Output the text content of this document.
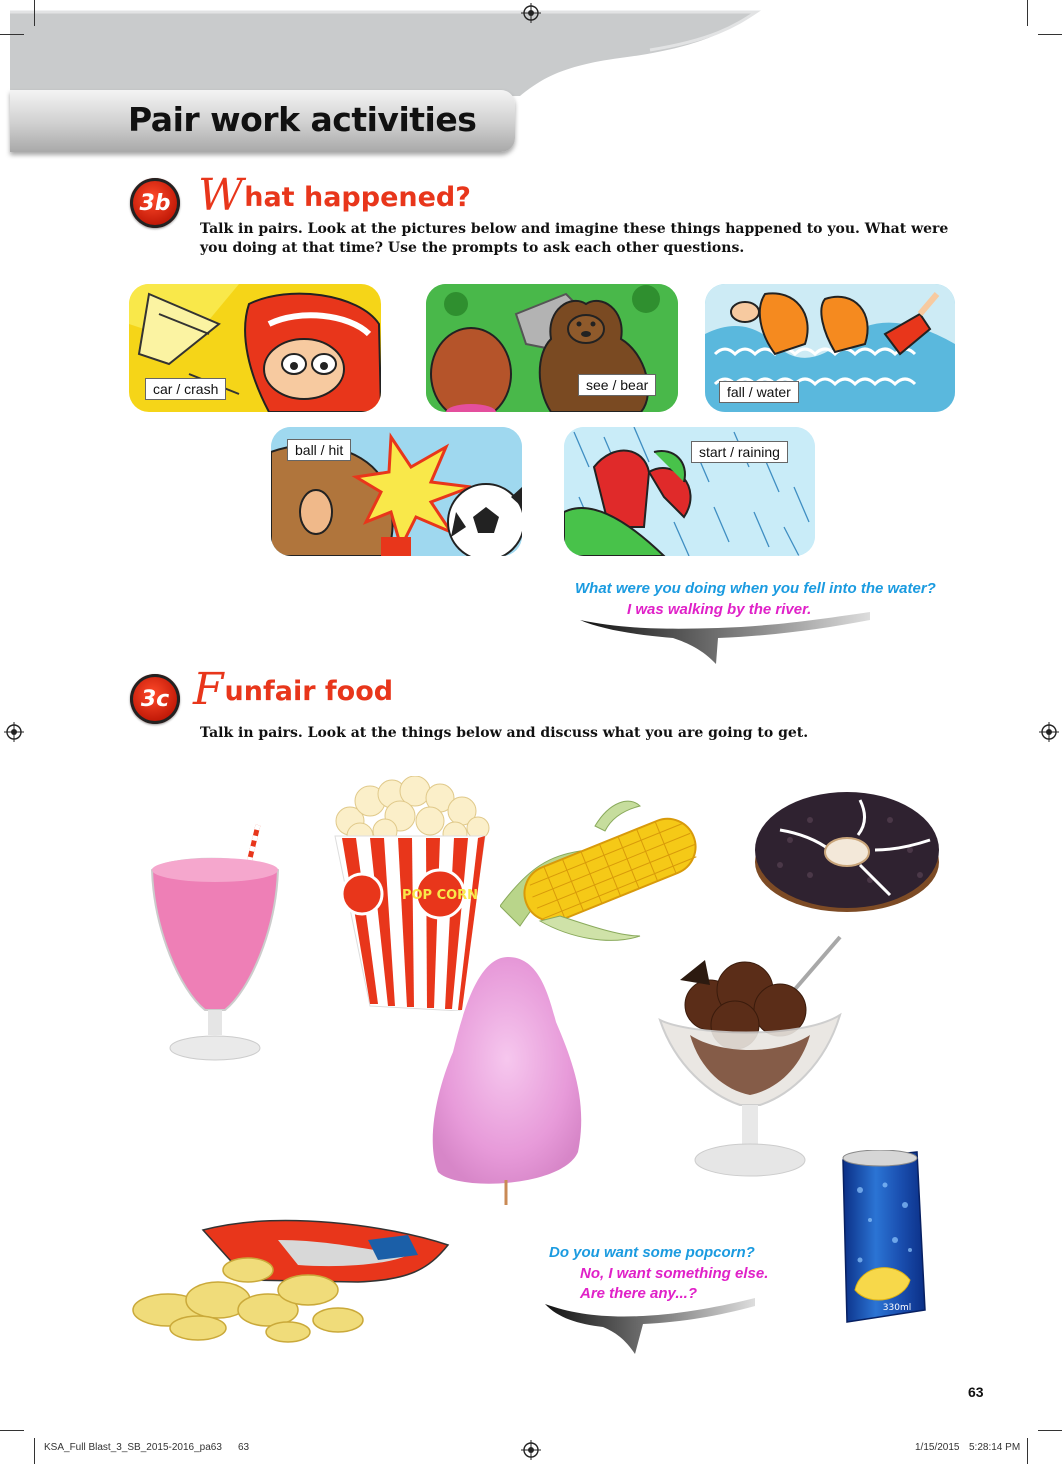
Pair work activities
3b What happened?
Talk in pairs. Look at the pictures below and imagine these things happened to you. What were you doing at that time? Use the prompts to ask each other questions.
car / crash	see / bear	fall / water
ball / hit	start / raining
What were you doing when you fell into the water?
I was walking by the river.
3c Funfair food
Talk in pairs. Look at the things below and discuss what you are going to get.
POP CORN
330ml
Do you want some popcorn?
No, I want something else.
Are there any...?
63
KSA_Full Blast_3_SB_2015-2016_pa63 63	1/15/2015 5:28:14 PM
